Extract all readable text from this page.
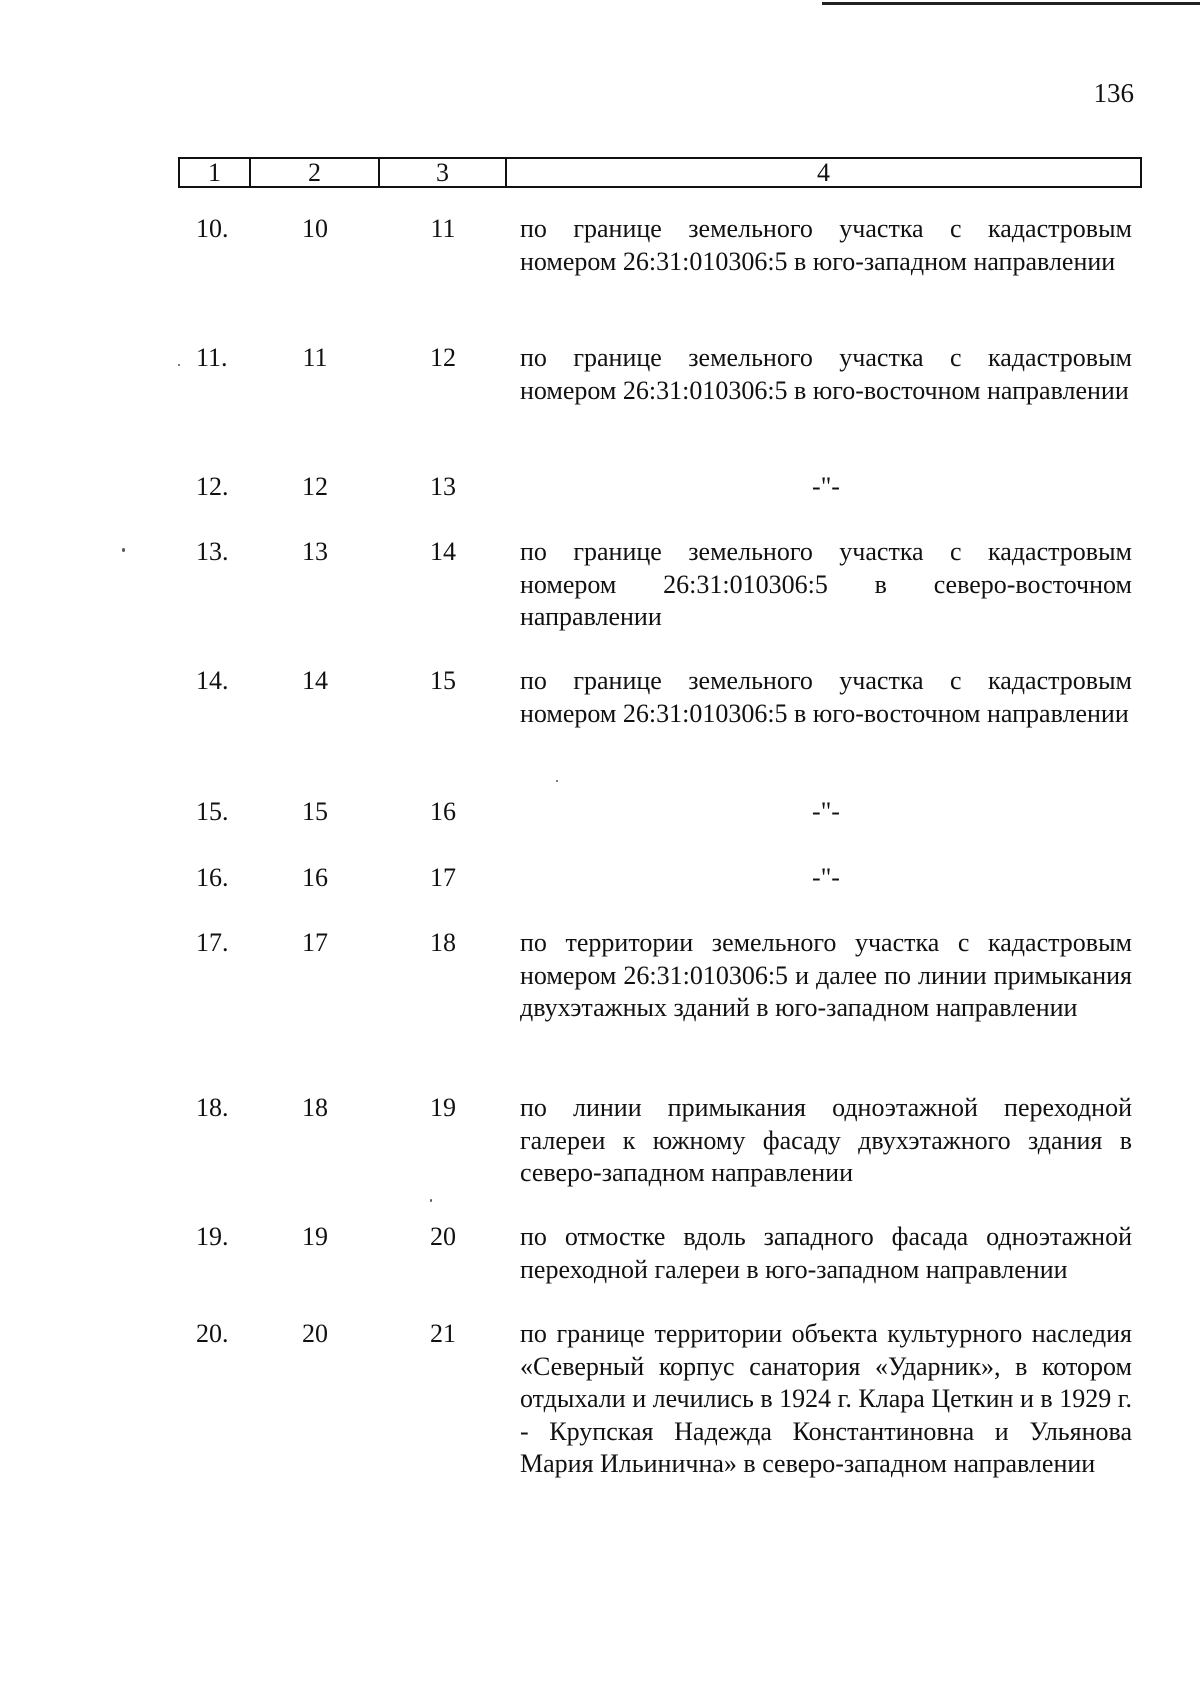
136
1	2	3	4
10.	10	11	по границе земельного участка с кадастровым номером 26:31:010306:5 в юго-западном направлении
11.	11	12	по границе земельного участка с кадастровым номером 26:31:010306:5 в юго-восточном направлении
12.	12	13	-"-
13.	13	14	по границе земельного участка с кадастровым номером 26:31:010306:5 в северо-восточном направлении
14.	14	15	по границе земельного участка с кадастровым номером 26:31:010306:5 в юго-восточном направлении
15.	15	16	-"-
16.	16	17	-"-
17.	17	18	по территории земельного участка с кадастровым номером 26:31:010306:5 и далее по линии примыкания двухэтажных зданий в юго-западном направлении
18.	18	19	по линии примыкания одноэтажной переходной галереи к южному фасаду двухэтажного здания в северо-западном направлении
19.	19	20	по отмостке вдоль западного фасада одноэтажной переходной галереи в юго-западном направлении
20.	20	21	по границе территории объекта культурного наследия «Северный корпус санатория «Ударник», в котором отдыхали и лечились в 1924 г. Клара Цеткин и в 1929 г. - Крупская Надежда Константиновна и Ульянова Мария Ильинична» в северо-западном направлении
